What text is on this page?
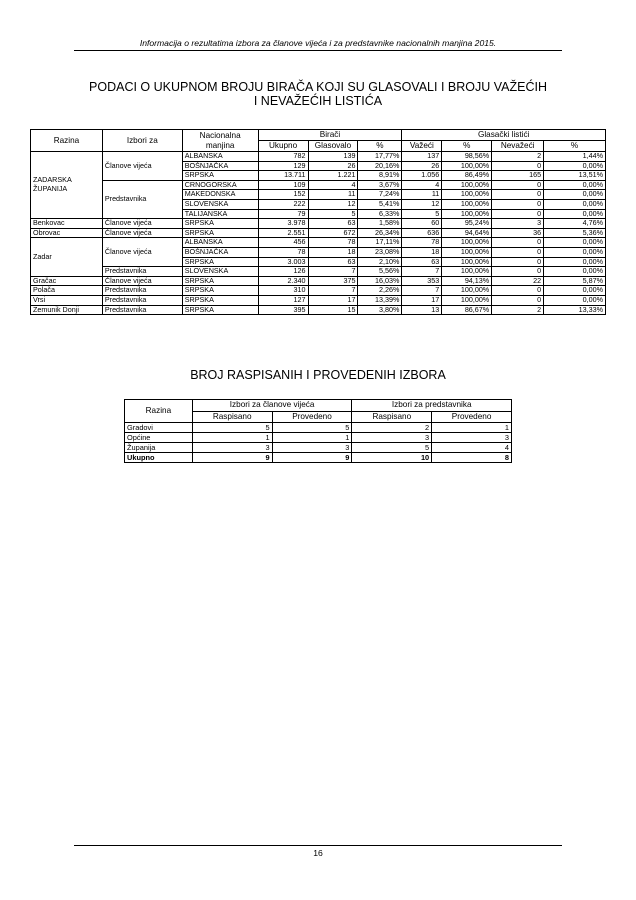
Informacija o rezultatima izbora za članove vijeća i za predstavnike nacionalnih manjina 2015.
PODACI O UKUPNOM BROJU BIRAČA KOJI SU GLASOVALI I BROJU VAŽEĆIH
I NEVAŽEĆIH LISTIĆA
Razina	Izbori za	Nacionalna manjina	Birači			Glasački listići			
			Ukupno	Glasovalo	%	Važeći	%	Nevažeći	%
ZADARSKA ŽUPANIJA	Članove vijeća	ALBANSKA	782	139	17,77%	137	98,56%	2	1,44%
		BOŠNJAČKA	129	26	20,16%	26	100,00%	0	0,00%
		SRPSKA	13.711	1.221	8,91%	1.056	86,49%	165	13,51%
	Predstavnika	CRNOGORSKA	109	4	3,67%	4	100,00%	0	0,00%
		MAKEDONSKA	152	11	7,24%	11	100,00%	0	0,00%
		SLOVENSKA	222	12	5,41%	12	100,00%	0	0,00%
		TALIJANSKA	79	5	6,33%	5	100,00%	0	0,00%
Benkovac	Članove vijeća	SRPSKA	3.978	63	1,58%	60	95,24%	3	4,76%
Obrovac	Članove vijeća	SRPSKA	2.551	672	26,34%	636	94,64%	36	5,36%
Zadar	Članove vijeća	ALBANSKA	456	78	17,11%	78	100,00%	0	0,00%
		BOŠNJAČKA	78	18	23,08%	18	100,00%	0	0,00%
		SRPSKA	3.003	63	2,10%	63	100,00%	0	0,00%
	Predstavnika	SLOVENSKA	126	7	5,56%	7	100,00%	0	0,00%
Gračac	Članove vijeća	SRPSKA	2.340	375	16,03%	353	94,13%	22	5,87%
Polača	Predstavnika	SRPSKA	310	7	2,26%	7	100,00%	0	0,00%
Vrsi	Predstavnika	SRPSKA	127	17	13,39%	17	100,00%	0	0,00%
Zemunik Donji	Predstavnika	SRPSKA	395	15	3,80%	13	86,67%	2	13,33%
BROJ RASPISANIH I PROVEDENIH IZBORA
Razina	Izbori za članove vijeća		Izbori za predstavnika	
	Raspisano	Provedeno	Raspisano	Provedeno
Gradovi	5	5	2	1
Općine	1	1	3	3
Županija	3	3	5	4
Ukupno	9	9	10	8
16
